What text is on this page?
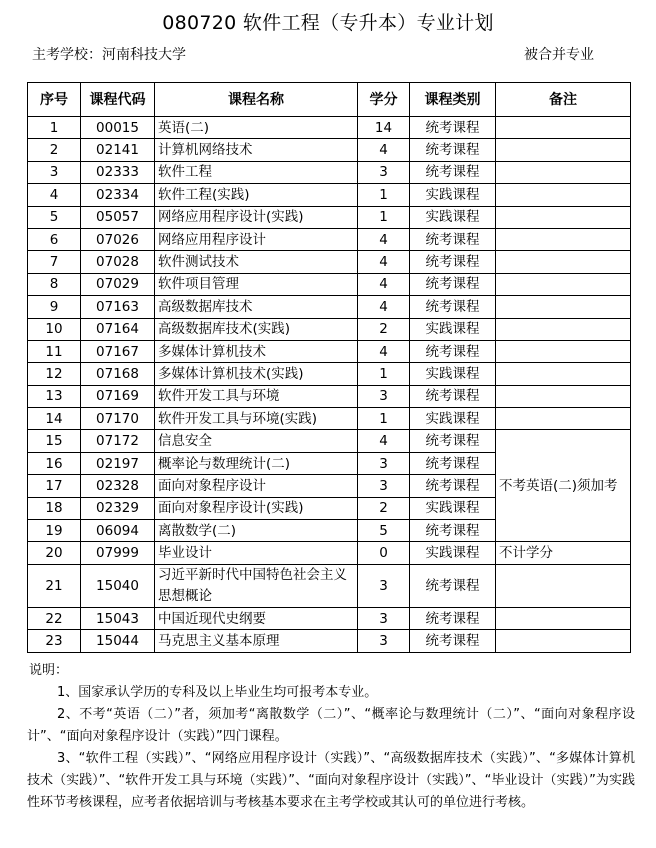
080720 软件工程（专升本）专业计划
主考学校：河南科技大学	被合并专业
序号	课程代码	课程名称	学分	课程类别	备注
1	00015	英语(二)	14	统考课程	
2	02141	计算机网络技术	4	统考课程	
3	02333	软件工程	3	统考课程	
4	02334	软件工程(实践)	1	实践课程	
5	05057	网络应用程序设计(实践)	1	实践课程	
6	07026	网络应用程序设计	4	统考课程	
7	07028	软件测试技术	4	统考课程	
8	07029	软件项目管理	4	统考课程	
9	07163	高级数据库技术	4	统考课程	
10	07164	高级数据库技术(实践)	2	实践课程	
11	07167	多媒体计算机技术	4	统考课程	
12	07168	多媒体计算机技术(实践)	1	实践课程	
13	07169	软件开发工具与环境	3	统考课程	
14	07170	软件开发工具与环境(实践)	1	实践课程	
15	07172	信息安全	4	统考课程	不考英语(二)须加考
16	02197	概率论与数理统计(二)	3	统考课程	
17	02328	面向对象程序设计	3	统考课程	
18	02329	面向对象程序设计(实践)	2	实践课程	
19	06094	离散数学(二)	5	统考课程	
20	07999	毕业设计	0	实践课程	不计学分
21	15040	习近平新时代中国特色社会主义思想概论	3	统考课程	
22	15043	中国近现代史纲要	3	统考课程	
23	15044	马克思主义基本原理	3	统考课程	

说明：

1、国家承认学历的专科及以上毕业生均可报考本专业。

2、不考“英语（二）”者，须加考“离散数学（二）”、“概率论与数理统计（二）”、“面向对象程序设计”、“面向对象程序设计（实践）”四门课程。

3、“软件工程（实践）”、“网络应用程序设计（实践）”、“高级数据库技术（实践）”、“多媒体计算机技术（实践）”、“软件开发工具与环境（实践）”、“面向对象程序设计（实践）”、“毕业设计（实践）”为实践性环节考核课程，应考者依据培训与考核基本要求在主考学校或其认可的单位进行考核。
